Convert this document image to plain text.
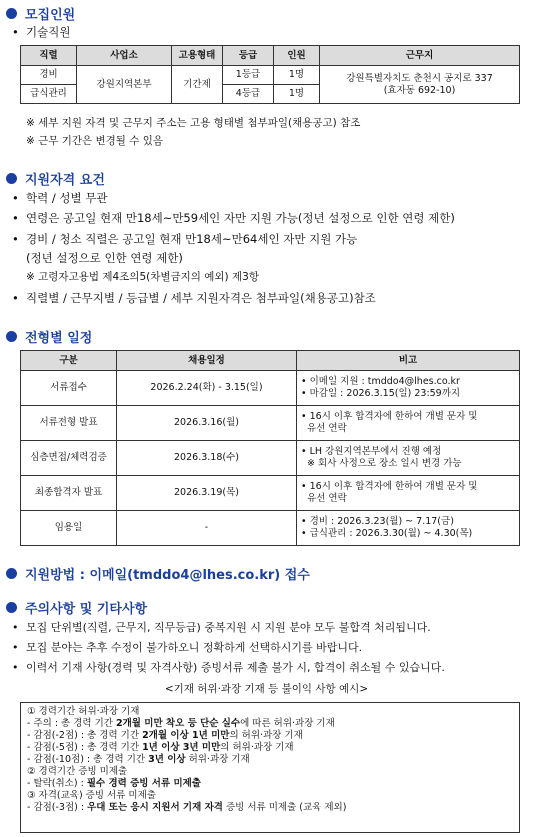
모집인원
• 기술직원
직렬	사업소	고용형태	등급	인원	근무지
경비	강원지역본부	기간제	1등급	1명	강원특별자치도 춘천시 공지로 337
(효자동 692-10)

급식관리			4등급	1명	
※ 세부 지원 자격 및 근무지 주소는 고용 형태별 첨부파일(채용공고) 참조
※ 근무 기간은 변경될 수 있음
지원자격 요건
• 학력 / 성별 무관
• 연령은 공고일 현재 만18세~만59세인 자만 지원 가능(정년 설정으로 인한 연령 제한)
• 경비 / 청소 직렬은 공고일 현재 만18세~만64세인 자만 지원 가능
(정년 설정으로 인한 연령 제한)
※ 고령자고용법 제4조의5(차별금지의 예외) 제3항
• 직렬별 / 근무지별 / 등급별 / 세부 지원자격은 첨부파일(채용공고)참조
전형별 일정
구분	채용일정	비고
서류접수	2026.2.24(화) - 3.15(일)	• 이메일 지원 : tmddo4@lhes.co.kr
• 마감일 : 2026.3.15(일) 23:59까지

서류전형 발표	2026.3.16(월)	• 16시 이후 합격자에 한하여 개별 문자 및
유선 연락

심층면접/체력검증	2026.3.18(수)	• LH 강원지역본부에서 진행 예정
※ 회사 사정으로 장소 일시 변경 가능

최종합격자 발표	2026.3.19(목)	• 16시 이후 합격자에 한하여 개별 문자 및
유선 연락

임용일	-	• 경비 : 2026.3.23(월) ~ 7.17(금)
• 급식관리 : 2026.3.30(월) ~ 4.30(목)
지원방법 : 이메일(tmddo4@lhes.co.kr) 접수
주의사항 및 기타사항
• 모집 단위별(직렬, 근무지, 직무등급) 중복지원 시 지원 분야 모두 불합격 처리됩니다.
• 모집 분야는 추후 수정이 불가하오니 정확하게 선택하시기를 바랍니다.
• 이력서 기재 사항(경력 및 자격사항) 증빙서류 제출 불가 시, 합격이 취소될 수 있습니다.
<기재 허위·과장 기재 등 불이익 사항 예시>
① 경력기간 허위·과장 기재
- 주의 : 총 경력 기간 2개월 미만 착오 등 단순 실수에 따른 허위·과장 기재
- 감점(-2점) : 총 경력 기간 2개월 이상 1년 미만의 허위·과장 기재
- 감점(-5점) : 총 경력 기간 1년 이상 3년 미만의 허위·과장 기재
- 감점(-10점) : 총 경력 기간 3년 이상 허위·과장 기재
② 경력기간 증빙 미제출
- 탈락(취소) : 필수 경력 증빙 서류 미제출
③ 자격(교육) 증빙 서류 미제출
- 감점(-3점) : 우대 또는 응시 지원서 기재 자격 증빙 서류 미제출 (교육 제외)
